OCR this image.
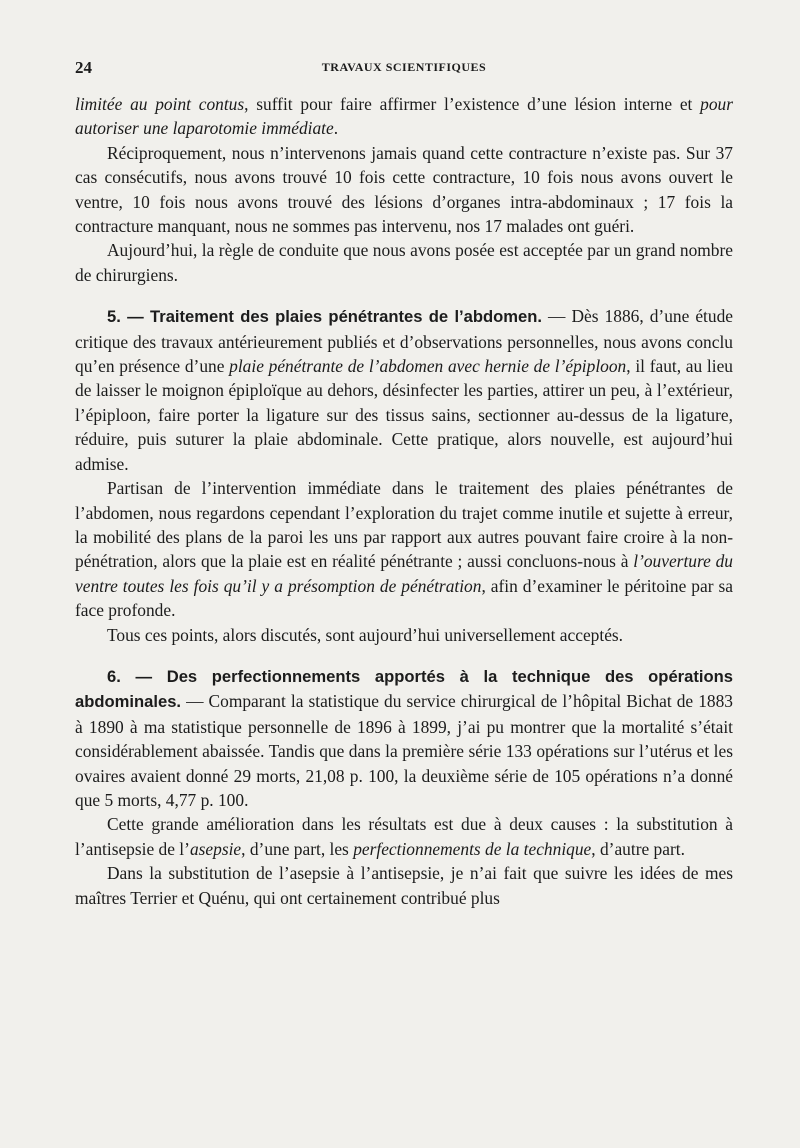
24	TRAVAUX SCIENTIFIQUES

limitée au point contus, suffit pour faire affirmer l’existence d’une lésion interne et pour autoriser une laparotomie immédiate.

Réciproquement, nous n’intervenons jamais quand cette contracture n’existe pas. Sur 37 cas consécutifs, nous avons trouvé 10 fois cette contracture, 10 fois nous avons ouvert le ventre, 10 fois nous avons trouvé des lésions d’organes intra-abdominaux ; 17 fois la contracture manquant, nous ne sommes pas intervenu, nos 17 malades ont guéri.

Aujourd’hui, la règle de conduite que nous avons posée est acceptée par un grand nombre de chirurgiens.

5. — Traitement des plaies pénétrantes de l’abdomen. — Dès 1886, d’une étude critique des travaux antérieurement publiés et d’observations personnelles, nous avons conclu qu’en présence d’une plaie pénétrante de l’abdomen avec hernie de l’épiploon, il faut, au lieu de laisser le moignon épiploïque au dehors, désinfecter les parties, attirer un peu, à l’extérieur, l’épiploon, faire porter la ligature sur des tissus sains, sectionner au-dessus de la ligature, réduire, puis suturer la plaie abdominale. Cette pratique, alors nouvelle, est aujourd’hui admise.

Partisan de l’intervention immédiate dans le traitement des plaies pénétrantes de l’abdomen, nous regardons cependant l’exploration du trajet comme inutile et sujette à erreur, la mobilité des plans de la paroi les uns par rapport aux autres pouvant faire croire à la non-pénétration, alors que la plaie est en réalité pénétrante ; aussi concluons-nous à l’ouverture du ventre toutes les fois qu’il y a présomption de pénétration, afin d’examiner le péritoine par sa face profonde.

Tous ces points, alors discutés, sont aujourd’hui universellement acceptés.

6. — Des perfectionnements apportés à la technique des opérations abdominales. — Comparant la statistique du service chirurgical de l’hôpital Bichat de 1883 à 1890 à ma statistique personnelle de 1896 à 1899, j’ai pu montrer que la mortalité s’était considérablement abaissée. Tandis que dans la première série 133 opérations sur l’utérus et les ovaires avaient donné 29 morts, 21,08 p. 100, la deuxième série de 105 opérations n’a donné que 5 morts, 4,77 p. 100.

Cette grande amélioration dans les résultats est due à deux causes : la substitution à l’antisepsie de l’asepsie, d’une part, les perfectionnements de la technique, d’autre part.

Dans la substitution de l’asepsie à l’antisepsie, je n’ai fait que suivre les idées de mes maîtres Terrier et Quénu, qui ont certainement contribué plus
